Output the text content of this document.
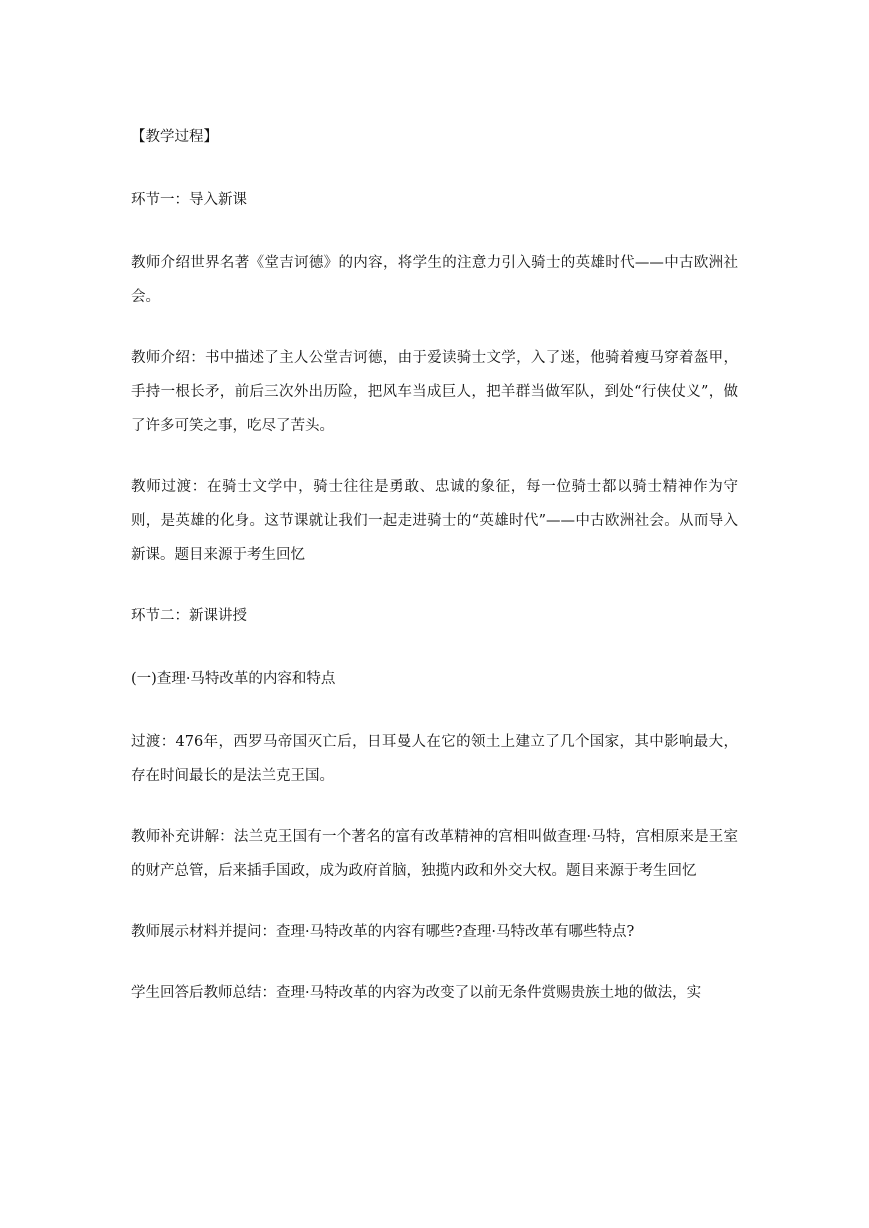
【教学过程】

环节一：导入新课

教师介绍世界名著《堂吉诃德》的内容，将学生的注意力引入骑士的英雄时代——中古欧洲社会。

教师介绍：书中描述了主人公堂吉诃德，由于爱读骑士文学，入了迷，他骑着瘦马穿着盔甲，手持一根长矛，前后三次外出历险，把风车当成巨人，把羊群当做军队，到处“行侠仗义”，做了许多可笑之事，吃尽了苦头。

教师过渡：在骑士文学中，骑士往往是勇敢、忠诚的象征，每一位骑士都以骑士精神作为守则，是英雄的化身。这节课就让我们一起走进骑士的“英雄时代”——中古欧洲社会。从而导入新课。题目来源于考生回忆

环节二：新课讲授

(一)查理·马特改革的内容和特点

过渡：476年，西罗马帝国灭亡后，日耳曼人在它的领土上建立了几个国家，其中影响最大，存在时间最长的是法兰克王国。

教师补充讲解：法兰克王国有一个著名的富有改革精神的宫相叫做查理·马特，宫相原来是王室的财产总管，后来插手国政，成为政府首脑，独揽内政和外交大权。题目来源于考生回忆

教师展示材料并提问：查理·马特改革的内容有哪些?查理·马特改革有哪些特点?

学生回答后教师总结：查理·马特改革的内容为改变了以前无条件赏赐贵族土地的做法，实
